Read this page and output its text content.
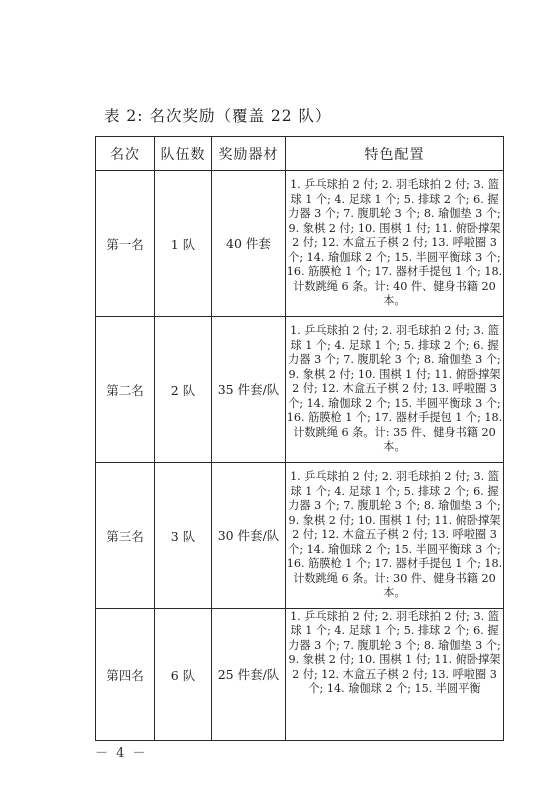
表 2: 名次奖励（覆盖 22 队）
名次	队伍数	奖励器材	特色配置
第一名	1 队	40 件套	1. 乒乓球拍 2 付; 2. 羽毛球拍 2 付; 3. 篮球 1 个; 4. 足球 1 个; 5. 排球 2 个; 6. 握力器 3 个; 7. 腹肌轮 3 个; 8. 瑜伽垫 3 个; 9. 象棋 2 付; 10. 围棋 1 付; 11. 俯卧撑架 2 付; 12. 木盒五子棋 2 付; 13. 呼啦圈 3 个; 14. 瑜伽球 2 个; 15. 半圆平衡球 3 个; 16. 筋膜枪 1 个; 17. 器材手提包 1 个; 18. 计数跳绳 6 条。计: 40 件、健身书籍 20 本。

第二名	2 队	35 件套/队	1. 乒乓球拍 2 付; 2. 羽毛球拍 2 付; 3. 篮球 1 个; 4. 足球 1 个; 5. 排球 2 个; 6. 握力器 3 个; 7. 腹肌轮 3 个; 8. 瑜伽垫 3 个; 9. 象棋 2 付; 10. 围棋 1 付; 11. 俯卧撑架 2 付; 12. 木盒五子棋 2 付; 13. 呼啦圈 3 个; 14. 瑜伽球 2 个; 15. 半圆平衡球 3 个; 16. 筋膜枪 1 个; 17. 器材手提包 1 个; 18. 计数跳绳 6 条。计: 35 件、健身书籍 20 本。

第三名	3 队	30 件套/队	1. 乒乓球拍 2 付; 2. 羽毛球拍 2 付; 3. 篮球 1 个; 4. 足球 1 个; 5. 排球 2 个; 6. 握力器 3 个; 7. 腹肌轮 3 个; 8. 瑜伽垫 3 个; 9. 象棋 2 付; 10. 围棋 1 付; 11. 俯卧撑架 2 付; 12. 木盒五子棋 2 付; 13. 呼啦圈 3 个; 14. 瑜伽球 2 个; 15. 半圆平衡球 3 个; 16. 筋膜枪 1 个; 17. 器材手提包 1 个; 18. 计数跳绳 6 条。计: 30 件、健身书籍 20 本。

第四名	6 队	25 件套/队	1. 乒乓球拍 2 付; 2. 羽毛球拍 2 付; 3. 篮球 1 个; 4. 足球 1 个; 5. 排球 2 个; 6. 握力器 3 个; 7. 腹肌轮 3 个; 8. 瑜伽垫 3 个; 9. 象棋 2 付; 10. 围棋 1 付; 11. 俯卧撑架 2 付; 12. 木盒五子棋 2 付; 13. 呼啦圈 3 个; 14. 瑜伽球 2 个; 15. 半圆平衡
－ 4 －
